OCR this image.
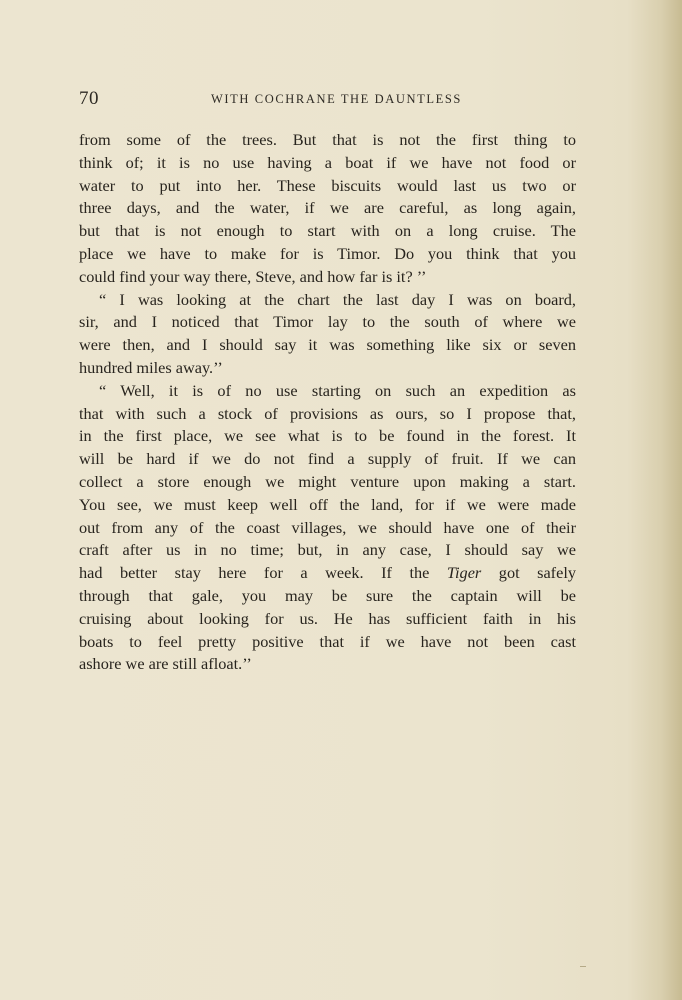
70	WITH COCHRANE THE DAUNTLESS
from some of the trees. But that is not the first thing to
think of; it is no use having a boat if we have not food or
water to put into her. These biscuits would last us two or
three days, and the water, if we are careful, as long again,
but that is not enough to start with on a long cruise. The
place we have to make for is Timor. Do you think that you
could find your way there, Steve, and how far is it? ’’
“ I was looking at the chart the last day I was on board,
sir, and I noticed that Timor lay to the south of where we
were then, and I should say it was something like six or seven
hundred miles away.’’
“ Well, it is of no use starting on such an expedition as
that with such a stock of provisions as ours, so I propose that,
in the first place, we see what is to be found in the forest. It
will be hard if we do not find a supply of fruit. If we can
collect a store enough we might venture upon making a start.
You see, we must keep well off the land, for if we were made
out from any of the coast villages, we should have one of their
craft after us in no time; but, in any case, I should say we
had better stay here for a week. If the Tiger got safely
through that gale, you may be sure the captain will be
cruising about looking for us. He has sufficient faith in his
boats to feel pretty positive that if we have not been cast
ashore we are still afloat.’’
